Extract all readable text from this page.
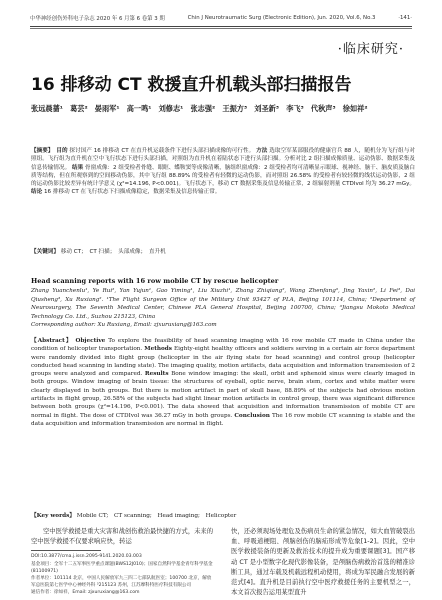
中华神经创伤外科电子杂志 2020 年 6 月第 6 卷第 3 期	Chin J Neurotraumatic Surg (Electronic Edition), Jun. 2020, Vol.6, No.3	·141·
·临床研究·
16 排移动 CT 救援直升机载头部扫描报告
张远晨蔷¹　葛芸²　晏雨军¹　高一鸣¹　刘修志¹　张志强²　王振方³　刘圣新³　李飞³　代秋声³　徐如祥²
【摘要】　目的 探讨国产 16 排移动 CT 在直升机运载条件下进行头部扫描成像的可行性。 方法 选取空军某部服役的健康官兵 88 人，随机分为飞行组与对照组。飞行组为直升机在空中飞行状态下进行头部扫描，对照组为直升机在着陆状态下进行头部扫描。分析对比 2 组扫描成像质量、运动伪影、数据采集及信息传输情况。 结果 骨窗成像：2 组受检者骨缝、眼眶、蝶鞍窦等成像清晰，脑组织窗成像：2 组受检者均可清晰显示眼球、视神经、脑干、脑皮质及脑白质等结构，但在所观察到的空间移动伪影，其中飞行组 88.89% 的受检者有轻微的运动伪影，而对照组 26.58% 的受检者有较轻微的线状运动伪影，2 组的运动伪影比较差异有统计学意义 (χ²=14.196, P<0.001)。飞行状态下，移动 CT 数据采集及信息传输正常，2 组辐射剂量 CTDIvol 均为 36.27 mGy。 结论 16 排移动 CT 在飞行状态下扫描成像稳定，数据采集及信息传输正常。
【关键词】 移动 CT；　CT 扫描；　头部成像；　直升机
Head scanning reports with 16 row mobile CT by rescue helicopter
Zhang Yuanchenlu¹, Ye Rui², Yan Yujun¹, Gao Yiming¹, Liu Xiuzhi¹, Zhang Zhiqiang², Wang Zhenfang³, Jing Yaxin², Li Fei³, Dai Qiusheng³, Xu Ruxiang². ¹The Flight Surgeon Office of the Military Unit 93427 of PLA, Beijing 101114, China; ²Department of Neurosurgery, The Seventh Medical Center, Chinese PLA General Hospital, Beijing 100700, China; ³Jiangsu Mokoto Medical Technology Co. Ltd., Suzhou 215123, China
Corresponding author: Xu Ruxiang, Email: zjxuruxiang@163.com
【Abstract】 Objective To explore the feasibility of head scanning imaging with 16 row mobile CT made in China under the condition of helicopter transportation. Methods Eighty-eight healthy officers and soldiers serving in a certain air force department were randomly divided into flight group (helicopter in the air flying state for head scanning) and control group (helicopter conducted head scanning in landing state). The imaging quality, motion artifacts, data acquisition and information transmission of 2 groups were analyzed and compared. Results Bone window imaging: the skull, orbit and sphenoid sinus were clearly imaged in both groups. Window imaging of brain tissue: the structures of eyeball, optic nerve, brain stem, cortex and white matter were clearly displayed in both groups. But there is motion artifact in part of skull base, 88.89% of the subjects had obvious motion artifacts in flight group, 26.58% of the subjects had slight linear motion artifacts in control group, there was significant difference between both groups (χ²=14.196, P<0.001). The data showed that acquisition and information transmission of mobile CT are normal in flight. The dose of CTDIvol was 36.27 mGy in both groups. Conclusion The 16 row mobile CT scanning is stable and the data acquisition and information transmission are normal in flight.
【Key words】 Mobile CT;　CT scanning;　Head imaging;　Helicopter

空中医学救援是重大灾害和战创伤救治最快捷的方式，未来的空中医学救援不仅要求响应快，转运

DOI:10.3877/cma.j.issn.2095-9141.2020.03.003
基金项目：全军十二五军事医学重点课题(BWS12J010)；国家自然科学基金青年科学基金(81100971)
作者单位：101114 北京，中国人民解放军九三四二七部队航医室；100700 北京，解放军总医院第七医学中心神经外科 ³215123 苏州，江苏摩科特医疗科技有限公司
通信作者：徐如祥，Email: zjxuruxiang@163.com

快，还必须现场处理危及伤病员生命的紧急情况，如大血管破裂出血、呼吸道梗阻、颅脑创伤的脑疝形成等危象[1-2]。因此，空中医学救援装备的更新及救治技术的提升成为重要课题[3]。国产移动 CT 是小型数字化现代影像装备，是颅脑伤病救治首选的精准诊断工具，通过车载及机载远程机动使用，将成为军民融合发展的新范式[4]。直升机是目前执行空中医疗救援任务的主要机型之一，本文首次报告运用某型直升
